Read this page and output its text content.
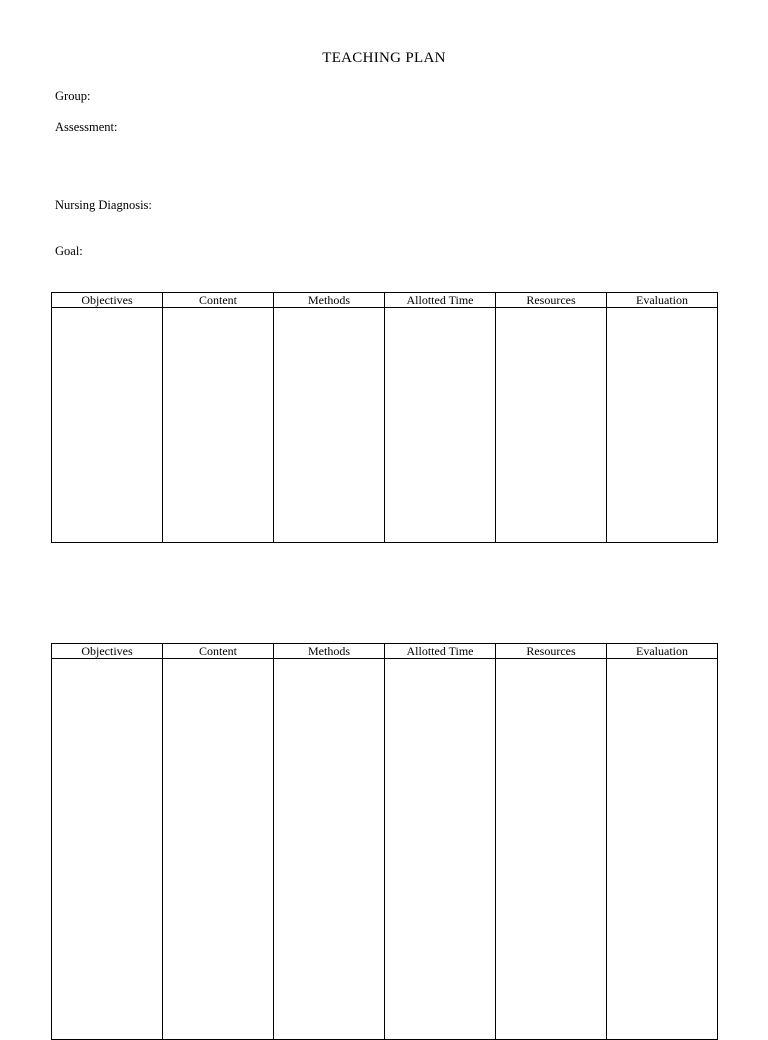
TEACHING PLAN
Group:
Assessment:
Nursing Diagnosis:
Goal:
Objectives	Content	Methods	Allotted Time	Resources	Evaluation

Objectives	Content	Methods	Allotted Time	Resources	Evaluation
